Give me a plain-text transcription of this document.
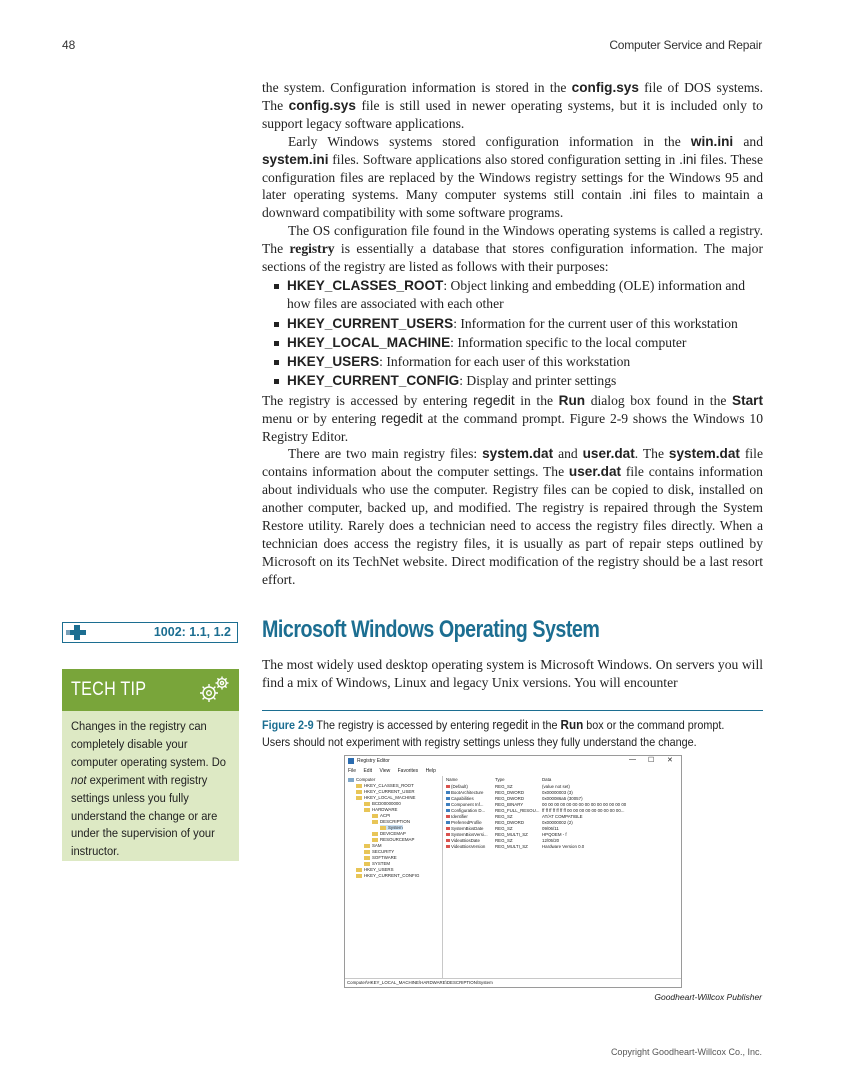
48	Computer Service and Repair

the system. Configuration information is stored in the config.sys file of DOS systems. The config.sys file is still used in newer operating systems, but it is included only to support legacy software applications.

Early Windows systems stored configuration information in the win.ini and system.ini files. Software applications also stored configuration setting in .ini files. These configuration files are replaced by the Windows registry settings for the Windows 95 and later operating systems. Many computer systems still contain .ini files to maintain a downward compatibility with some software programs.

The OS configuration file found in the Windows operating systems is called a registry. The registry is essentially a database that stores configuration information. The major sections of the registry are listed as follows with their purposes:

HKEY_CLASSES_ROOT: Object linking and embedding (OLE) information and how files are associated with each other
HKEY_CURRENT_USERS: Information for the current user of this workstation
HKEY_LOCAL_MACHINE: Information specific to the local computer
HKEY_USERS: Information for each user of this workstation
HKEY_CURRENT_CONFIG: Display and printer settings

The registry is accessed by entering regedit in the Run dialog box found in the Start menu or by entering regedit at the command prompt. Figure 2-9 shows the Windows 10 Registry Editor.

There are two main registry files: system.dat and user.dat. The system.dat file contains information about the computer settings. The user.dat file contains information about individuals who use the computer. Registry files can be copied to disk, installed on another computer, backed up, and modified. The registry is repaired through the System Restore utility. Rarely does a technician need to access the registry files directly. When a technician does access the registry files, it is usually as part of repair steps outlined by Microsoft on its TechNet website. Direct modification of the registry should be a last resort effort.

1002: 1.1, 1.2 Microsoft Windows Operating System

The most widely used desktop operating system is Microsoft Windows. On servers you will find a mix of Windows, Linux and legacy Unix versions. You will encounter

TECH TIP
Changes in the registry can completely disable your computer operating system. Do not experiment with registry settings unless you fully understand the change or are under the supervision of your instructor.
Figure 2-9 The registry is accessed by entering regedit in the Run box or the command prompt. Users should not experiment with registry settings unless they fully understand the change.
Registry Editor	— ☐ ✕
File Edit View Favorites Help
Computer
HKEY_CLASSES_ROOT
HKEY_CURRENT_USER
HKEY_LOCAL_MACHINE
BCD00000000
HARDWARE
ACPI
DESCRIPTION
System
DEVICEMAP
RESOURCEMAP
SAM
SECURITY
SOFTWARE
SYSTEM
HKEY_USERS
HKEY_CURRENT_CONFIG
Name	Type	Data
(Default)	REG_SZ	(value not set)
BootArchitecture	REG_DWORD	0x00000003 (3)
Capabilities	REG_DWORD	0x000086a5 (30057)
Component Inf...	REG_BINARY	00 00 00 00 00 00 00 00 00 00 00 00 00 00
Configuration D... REG_FULL_RESOU... ff ff ff ff ff ff ff 00 00 00 00 00 00 00 00 00...
Identifier	REG_SZ	AT/AT COMPATIBLE
PreferredProfile	REG_DWORD	0x00000002 (2)
SystemBiosDate	REG_SZ	09/06/11
SystemBiosVersi... REG_MULTI_SZ	HPQOEM - f
VideoBiosDate	REG_SZ	12/05/20
VideoBiosVersion REG_MULTI_SZ	Hardware Version 0.0
Computer\HKEY_LOCAL_MACHINE\HARDWARE\DESCRIPTION\System
Goodheart-Willcox Publisher
Copyright Goodheart-Willcox Co., Inc.
